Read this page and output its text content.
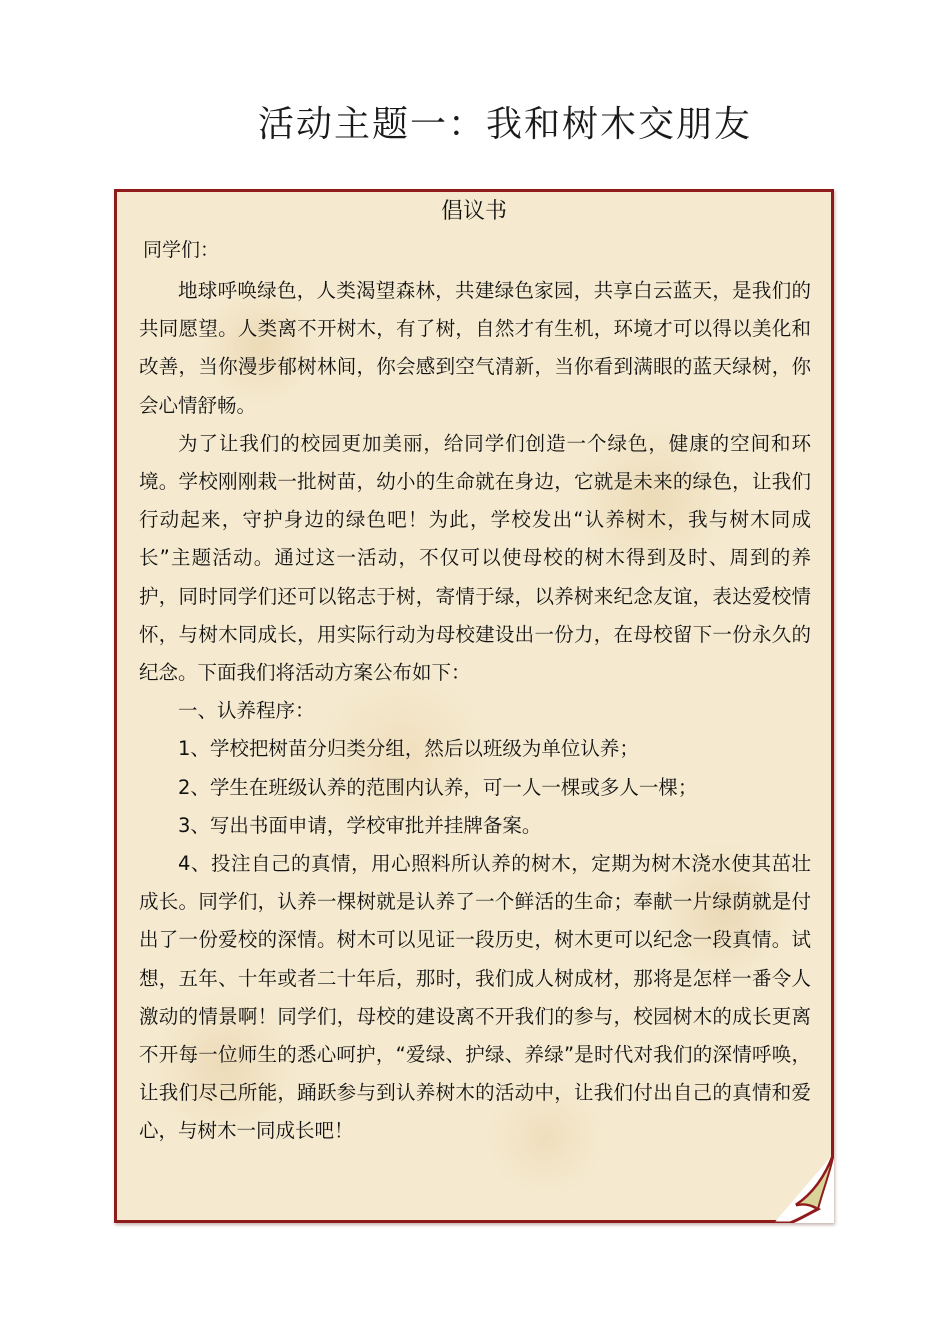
活动主题一：我和树木交朋友
倡议书
同学们：

地球呼唤绿色，人类渴望森林，共建绿色家园，共享白云蓝天，是我们的共同愿望。人类离不开树木，有了树，自然才有生机，环境才可以得以美化和改善，当你漫步郁树林间，你会感到空气清新，当你看到满眼的蓝天绿树，你会心情舒畅。

为了让我们的校园更加美丽，给同学们创造一个绿色，健康的空间和环境。学校刚刚栽一批树苗，幼小的生命就在身边，它就是未来的绿色，让我们行动起来，守护身边的绿色吧！为此，学校发出“认养树木，我与树木同成长”主题活动。通过这一活动，不仅可以使母校的树木得到及时、周到的养护，同时同学们还可以铭志于树，寄情于绿，以养树来纪念友谊，表达爱校情怀，与树木同成长，用实际行动为母校建设出一份力，在母校留下一份永久的纪念。下面我们将活动方案公布如下：

一、认养程序：

1、学校把树苗分归类分组，然后以班级为单位认养；

2、学生在班级认养的范围内认养，可一人一棵或多人一棵；

3、写出书面申请，学校审批并挂牌备案。

4、投注自己的真情，用心照料所认养的树木，定期为树木浇水使其茁壮成长。同学们，认养一棵树就是认养了一个鲜活的生命；奉献一片绿荫就是付出了一份爱校的深情。树木可以见证一段历史，树木更可以纪念一段真情。试想，五年、十年或者二十年后，那时，我们成人树成材，那将是怎样一番令人激动的情景啊！同学们，母校的建设离不开我们的参与，校园树木的成长更离不开每一位师生的悉心呵护，“爱绿、护绿、养绿”是时代对我们的深情呼唤，让我们尽己所能，踊跃参与到认养树木的活动中，让我们付出自己的真情和爱心，与树木一同成长吧！
